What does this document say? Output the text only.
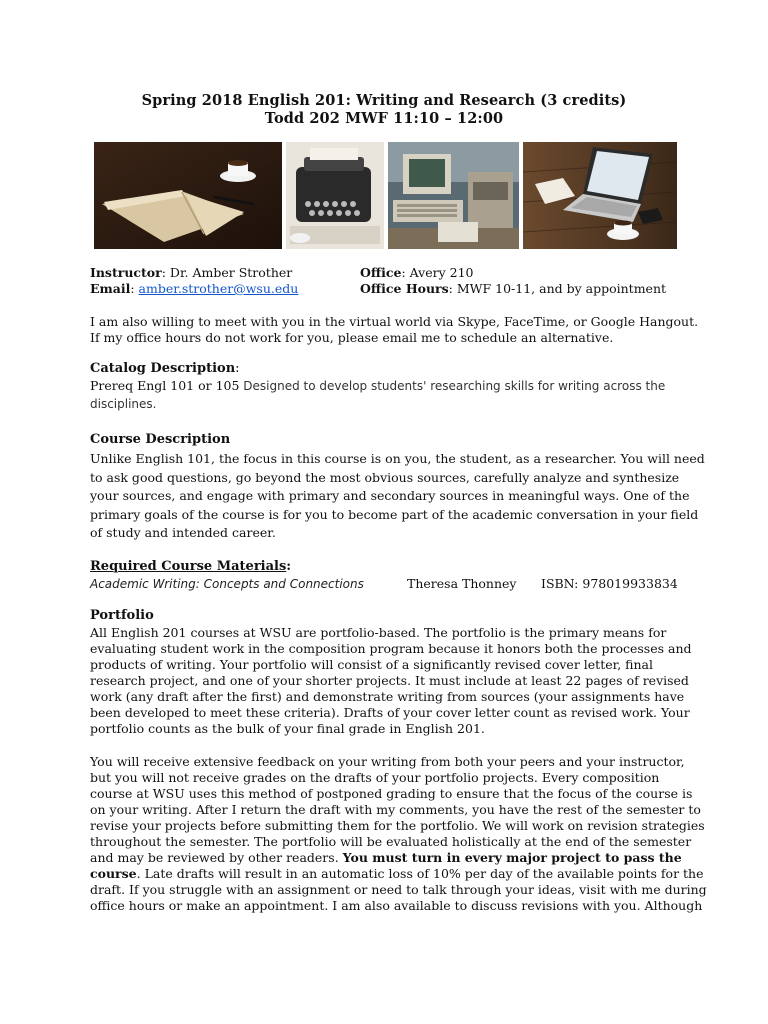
Spring 2018 English 201: Writing and Research (3 credits)
Todd 202 MWF 11:10 – 12:00
Instructor: Dr. Amber Strother
Email: amber.strother@wsu.edu
Office: Avery 210
Office Hours: MWF 10-11, and by appointment
I am also willing to meet with you in the virtual world via Skype, FaceTime, or Google Hangout.
If my office hours do not work for you, please email me to schedule an alternative.
Catalog Description:
Prereq Engl 101 or 105 Designed to develop students' researching skills for writing across the
disciplines.
Course Description
Unlike English 101, the focus in this course is on you, the student, as a researcher. You will need
to ask good questions, go beyond the most obvious sources, carefully analyze and synthesize
your sources, and engage with primary and secondary sources in meaningful ways. One of the
primary goals of the course is for you to become part of the academic conversation in your field
of study and intended career.
Required Course Materials:
Academic Writing: Concepts and Connections	Theresa Thonney ISBN: 978019933834
Portfolio
All English 201 courses at WSU are portfolio-based. The portfolio is the primary means for
evaluating student work in the composition program because it honors both the processes and
products of writing. Your portfolio will consist of a significantly revised cover letter, final
research project, and one of your shorter projects. It must include at least 22 pages of revised
work (any draft after the first) and demonstrate writing from sources (your assignments have
been developed to meet these criteria). Drafts of your cover letter count as revised work. Your
portfolio counts as the bulk of your final grade in English 201.
You will receive extensive feedback on your writing from both your peers and your instructor,
but you will not receive grades on the drafts of your portfolio projects. Every composition
course at WSU uses this method of postponed grading to ensure that the focus of the course is
on your writing. After I return the draft with my comments, you have the rest of the semester to
revise your projects before submitting them for the portfolio. We will work on revision strategies
throughout the semester. The portfolio will be evaluated holistically at the end of the semester
and may be reviewed by other readers. You must turn in every major project to pass the
course. Late drafts will result in an automatic loss of 10% per day of the available points for the
draft. If you struggle with an assignment or need to talk through your ideas, visit with me during
office hours or make an appointment. I am also available to discuss revisions with you. Although
